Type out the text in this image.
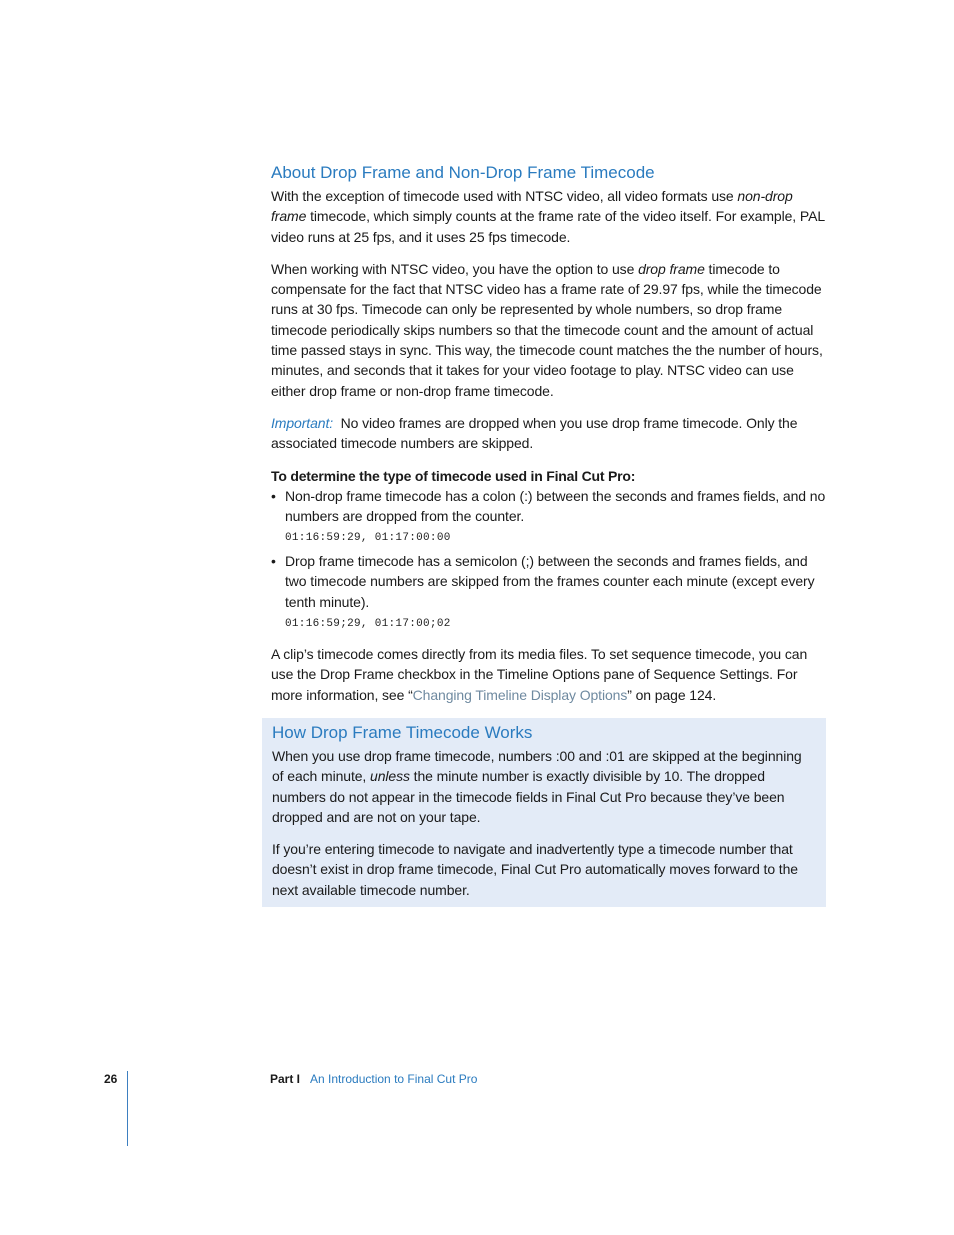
About Drop Frame and Non-Drop Frame Timecode

With the exception of timecode used with NTSC video, all video formats use non-drop frame timecode, which simply counts at the frame rate of the video itself. For example, PAL video runs at 25 fps, and it uses 25 fps timecode.

When working with NTSC video, you have the option to use drop frame timecode to compensate for the fact that NTSC video has a frame rate of 29.97 fps, while the timecode runs at 30 fps. Timecode can only be represented by whole numbers, so drop frame timecode periodically skips numbers so that the timecode count and the amount of actual time passed stays in sync. This way, the timecode count matches the the number of hours, minutes, and seconds that it takes for your video footage to play. NTSC video can use either drop frame or non-drop frame timecode.

Important: No video frames are dropped when you use drop frame timecode. Only the associated timecode numbers are skipped.

To determine the type of timecode used in Final Cut Pro:
• Non-drop frame timecode has a colon (:) between the seconds and frames fields, and no numbers are dropped from the counter.
01:16:59:29, 01:17:00:00
• Drop frame timecode has a semicolon (;) between the seconds and frames fields, and two timecode numbers are skipped from the frames counter each minute (except every tenth minute).
01:16:59;29, 01:17:00;02

A clip’s timecode comes directly from its media files. To set sequence timecode, you can use the Drop Frame checkbox in the Timeline Options pane of Sequence Settings. For more information, see “Changing Timeline Display Options” on page 124.

How Drop Frame Timecode Works

When you use drop frame timecode, numbers :00 and :01 are skipped at the beginning of each minute, unless the minute number is exactly divisible by 10. The dropped numbers do not appear in the timecode fields in Final Cut Pro because they’ve been dropped and are not on your tape.

If you’re entering timecode to navigate and inadvertently type a timecode number that doesn’t exist in drop frame timecode, Final Cut Pro automatically moves forward to the next available timecode number.

26	Part I An Introduction to Final Cut Pro
